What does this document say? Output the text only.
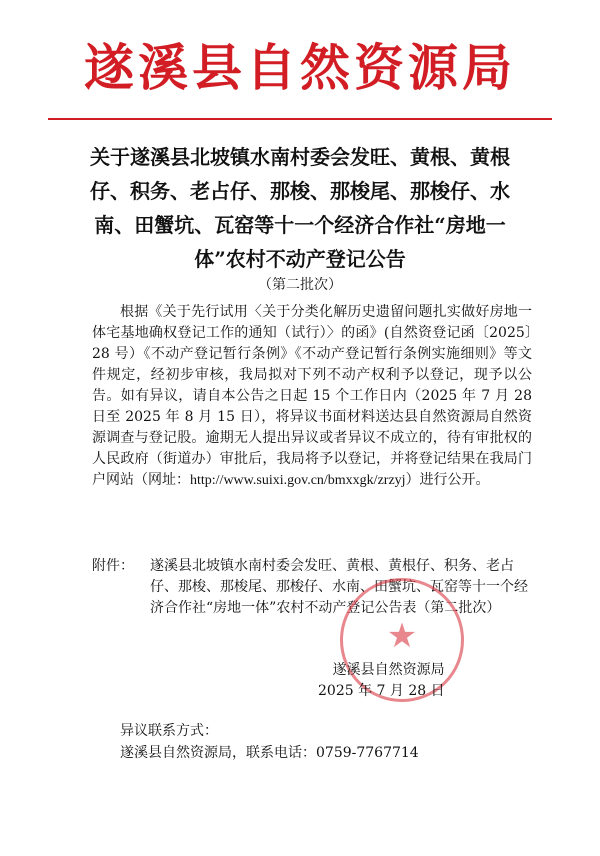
遂溪县自然资源局
关于遂溪县北坡镇水南村委会发旺、黄根、黄根仔、积务、老占仔、那梭、那梭尾、那梭仔、水南、田蟹坑、瓦窑等十一个经济合作社“房地一体”农村不动产登记公告
（第二批次）

根据《关于先行试用〈关于分类化解历史遗留问题扎实做好房地一体宅基地确权登记工作的通知（试行）〉的函》(自然资登记函〔2025〕28 号）《不动产登记暂行条例》《不动产登记暂行条例实施细则》等文件规定，经初步审核，我局拟对下列不动产权利予以登记，现予以公告。如有异议，请自本公告之日起 15 个工作日内（2025 年 7 月 28 日至 2025 年 8 月 15 日），将异议书面材料送达县自然资源局自然资源调查与登记股。逾期无人提出异议或者异议不成立的，待有审批权的人民政府（街道办）审批后，我局将予以登记，并将登记结果在我局门户网站（网址：http://www.suixi.gov.cn/bmxxgk/zrzyj）进行公开。

附件：	遂溪县北坡镇水南村委会发旺、黄根、黄根仔、积务、老占仔、那梭、那梭尾、那梭仔、水南、田蟹坑、瓦窑等十一个经济合作社“房地一体”农村不动产登记公告表（第二批次）
★
遂溪县自然资源局
2025 年 7 月 28 日
异议联系方式：
遂溪县自然资源局，联系电话：0759-7767714
